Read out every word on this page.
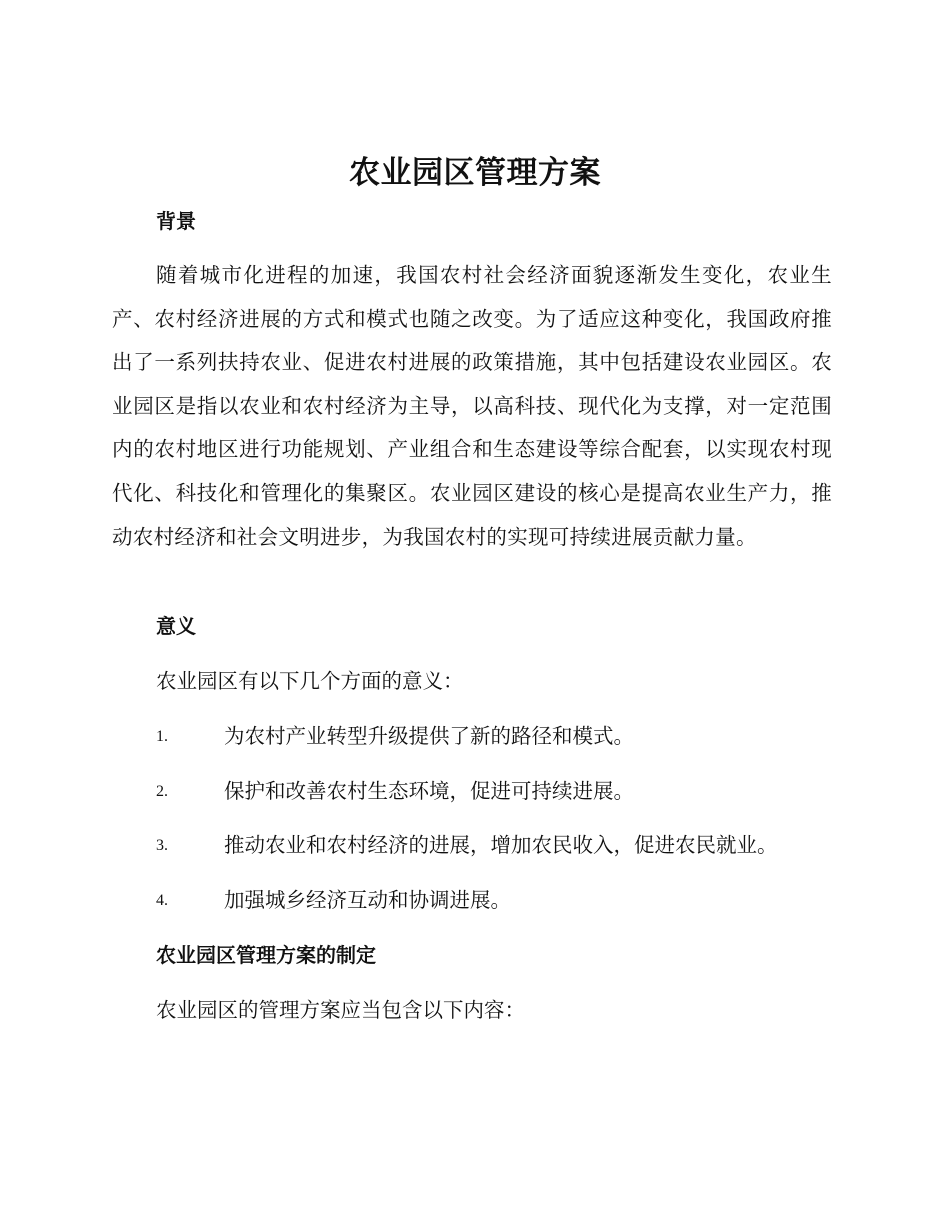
农业园区管理方案
背景

随着城市化进程的加速，我国农村社会经济面貌逐渐发生变化，农业生产、农村经济进展的方式和模式也随之改变。为了适应这种变化，我国政府推出了一系列扶持农业、促进农村进展的政策措施，其中包括建设农业园区。农业园区是指以农业和农村经济为主导，以高科技、现代化为支撑，对一定范围内的农村地区进行功能规划、产业组合和生态建设等综合配套，以实现农村现代化、科技化和管理化的集聚区。农业园区建设的核心是提高农业生产力，推动农村经济和社会文明进步，为我国农村的实现可持续进展贡献力量。

意义
农业园区有以下几个方面的意义：
1.	为农村产业转型升级提供了新的路径和模式。
2.	保护和改善农村生态环境，促进可持续进展。
3.	推动农业和农村经济的进展，增加农民收入，促进农民就业。
4.	加强城乡经济互动和协调进展。
农业园区管理方案的制定
农业园区的管理方案应当包含以下内容：
